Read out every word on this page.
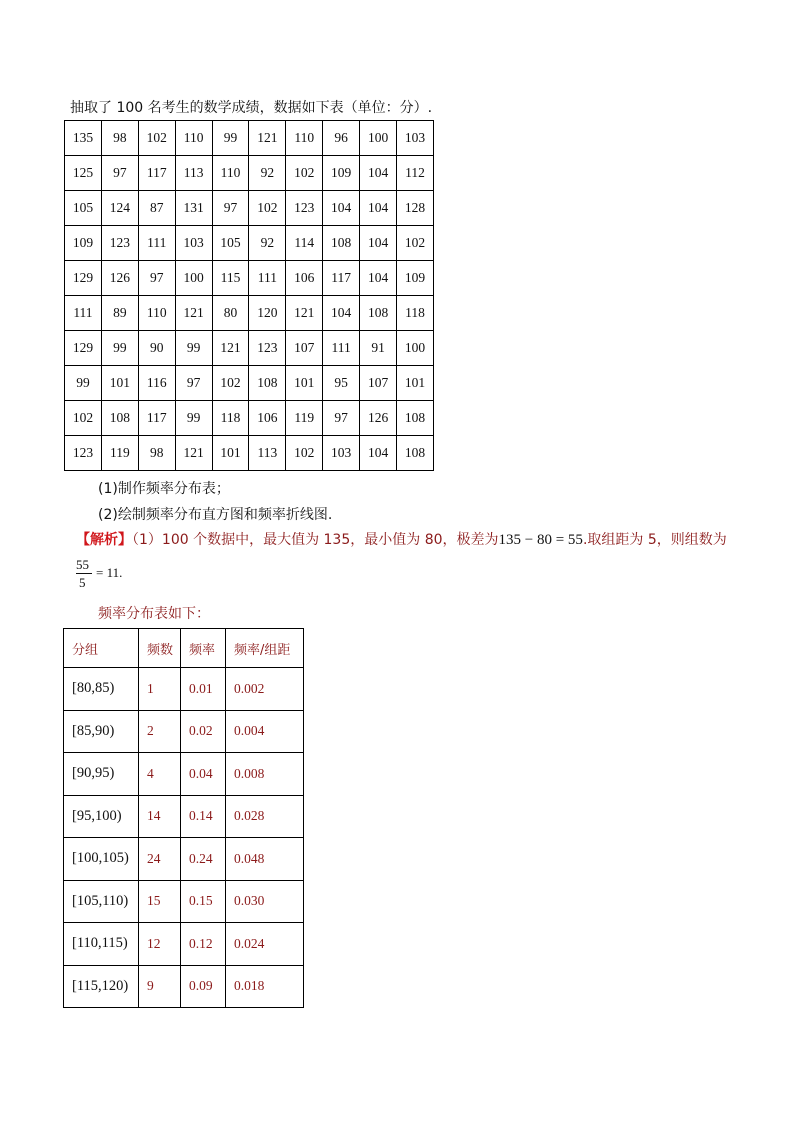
抽取了 100 名考生的数学成绩，数据如下表（单位：分）.
135	98	102	110	99	121	110	96	100	103
125	97	117	113	110	92	102	109	104	112
105	124	87	131	97	102	123	104	104	128
109	123	111	103	105	92	114	108	104	102
129	126	97	100	115	111	106	117	104	109
111	89	110	121	80	120	121	104	108	118
129	99	90	99	121	123	107	111	91	100
99	101	116	97	102	108	101	95	107	101
102	108	117	99	118	106	119	97	126	108
123	119	98	121	101	113	102	103	104	108
(1)制作频率分布表；
(2)绘制频率分布直方图和频率折线图.
【解析】（1）100 个数据中，最大值为 135，最小值为 80，极差为135 − 80 = 55.取组距为 5，则组数为
55
5
= 11.
频率分布表如下：
分组	频数	频率	频率/组距
[80,85)	1	0.01	0.002
[85,90)	2	0.02	0.004
[90,95)	4	0.04	0.008
[95,100)	14	0.14	0.028
[100,105)	24	0.24	0.048
[105,110)	15	0.15	0.030
[110,115)	12	0.12	0.024
[115,120)	9	0.09	0.018
